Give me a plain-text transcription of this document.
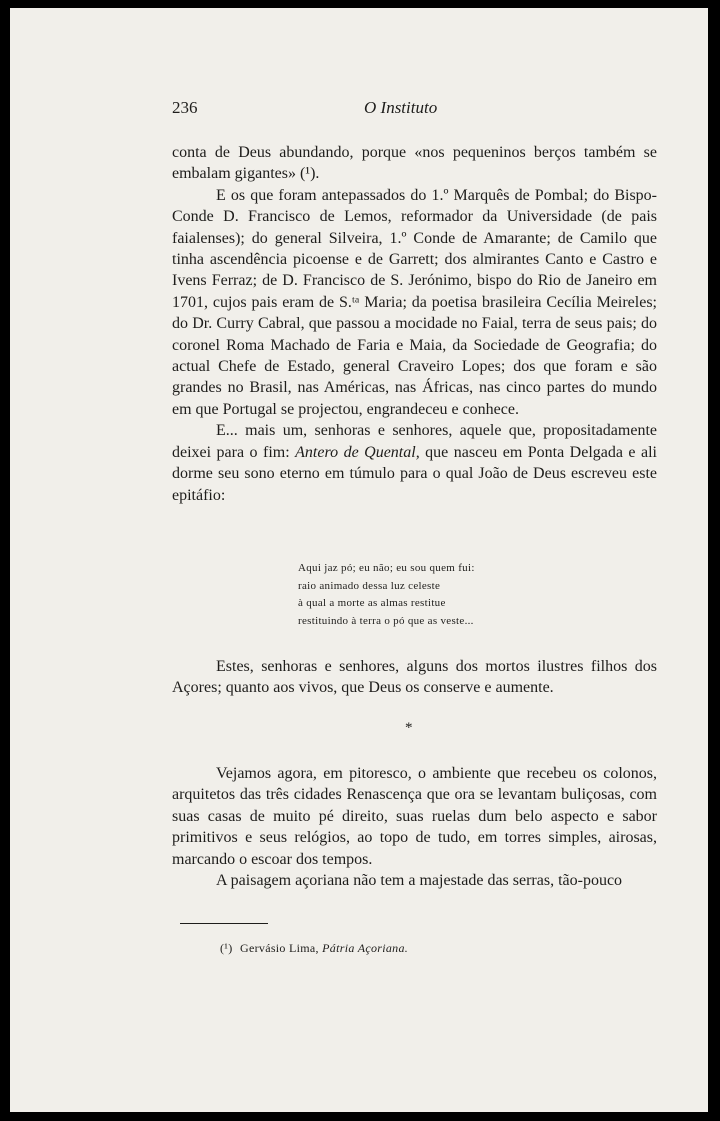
236	O Instituto

conta de Deus abundando, porque «nos pequeninos berços também se embalam gigantes» (¹).

E os que foram antepassados do 1.º Marquês de Pombal; do Bispo-Conde D. Francisco de Lemos, reformador da Universidade (de pais faialenses); do general Silveira, 1.º Conde de Amarante; de Camilo que tinha ascendência picoense e de Garrett; dos almirantes Canto e Castro e Ivens Ferraz; de D. Francisco de S. Jerónimo, bispo do Rio de Janeiro em 1701, cujos pais eram de S.ᵗᵃ Maria; da poetisa brasileira Cecília Meireles; do Dr. Curry Cabral, que passou a mocidade no Faial, terra de seus pais; do coronel Roma Machado de Faria e Maia, da Sociedade de Geografia; do actual Chefe de Estado, general Craveiro Lopes; dos que foram e são grandes no Brasil, nas Américas, nas Áfricas, nas cinco partes do mundo em que Portugal se projectou, engrandeceu e conhece.

E... mais um, senhoras e senhores, aquele que, propositadamente deixei para o fim: Antero de Quental, que nasceu em Ponta Delgada e ali dorme seu sono eterno em túmulo para o qual João de Deus escreveu este epitáfio:

Aqui jaz pó; eu não; eu sou quem fui:
raio animado dessa luz celeste
à qual a morte as almas restitue
restituindo à terra o pó que as veste...

Estes, senhoras e senhores, alguns dos mortos ilustres filhos dos Açores; quanto aos vivos, que Deus os conserve e aumente.

*

Vejamos agora, em pitoresco, o ambiente que recebeu os colonos, arquitetos das três cidades Renascença que ora se levantam buliçosas, com suas casas de muito pé direito, suas ruelas dum belo aspecto e sabor primitivos e seus relógios, ao topo de tudo, em torres simples, airosas, marcando o escoar dos tempos.

A paisagem açoriana não tem a majestade das serras, tão-pouco

(¹) Gervásio Lima, Pátria Açoriana.
